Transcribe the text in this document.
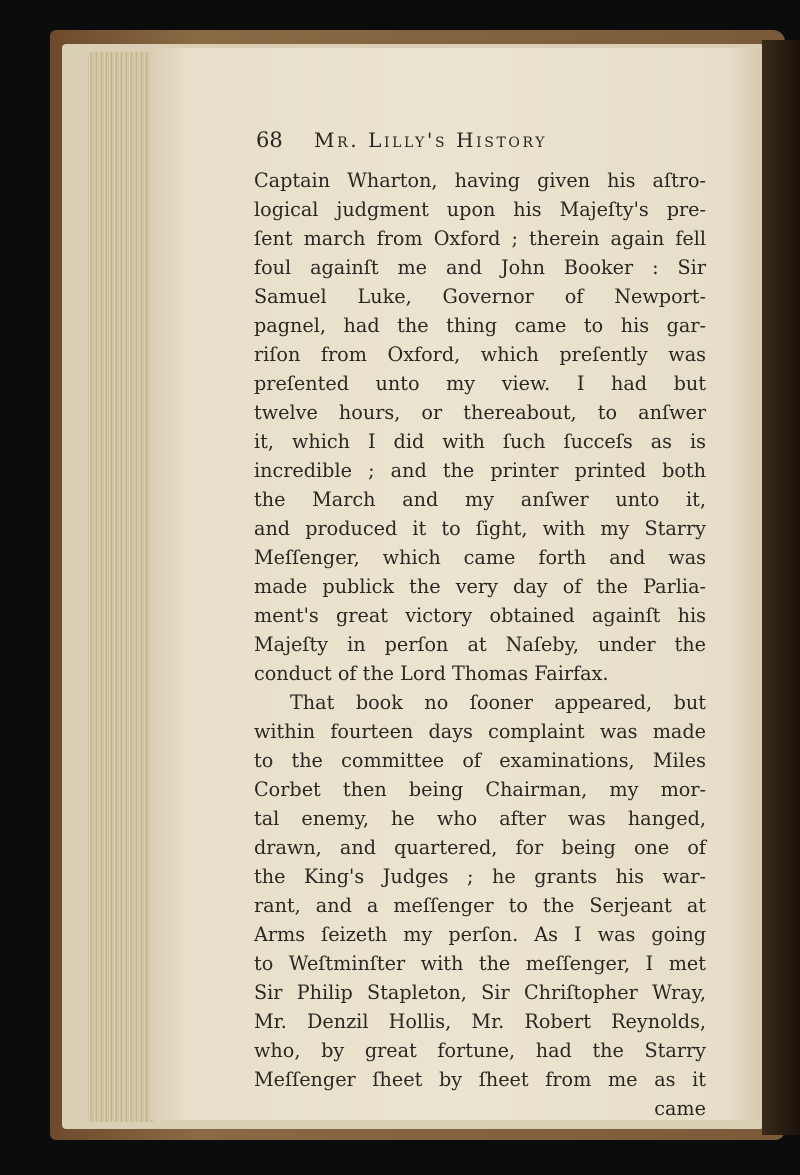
68 Mr. Lilly's History
Captain Wharton, having given his aſtro-
logical judgment upon his Majeſty's pre-
ſent march from Oxford ; therein again fell
foul againſt me and John Booker : Sir
Samuel Luke, Governor of Newport-
pagnel, had the thing came to his gar-
riſon from Oxford, which preſently was
preſented unto my view. I had but
twelve hours, or thereabout, to anſwer
it, which I did with ſuch ſucceſs as is
incredible ; and the printer printed both
the March and my anſwer unto it,
and produced it to ſight, with my Starry
Meſſenger, which came forth and was
made publick the very day of the Parlia-
ment's great victory obtained againſt his
Majeſty in perſon at Naſeby, under the
conduct of the Lord Thomas Fairfax.
That book no ſooner appeared, but
within fourteen days complaint was made
to the committee of examinations, Miles
Corbet then being Chairman, my mor-
tal enemy, he who after was hanged,
drawn, and quartered, for being one of
the King's Judges ; he grants his war-
rant, and a meſſenger to the Serjeant at
Arms ſeizeth my perſon. As I was going
to Weſtminſter with the meſſenger, I met
Sir Philip Stapleton, Sir Chriſtopher Wray,
Mr. Denzil Hollis, Mr. Robert Reynolds,
who, by great fortune, had the Starry
Meſſenger ſheet by ſheet from me as it
came
